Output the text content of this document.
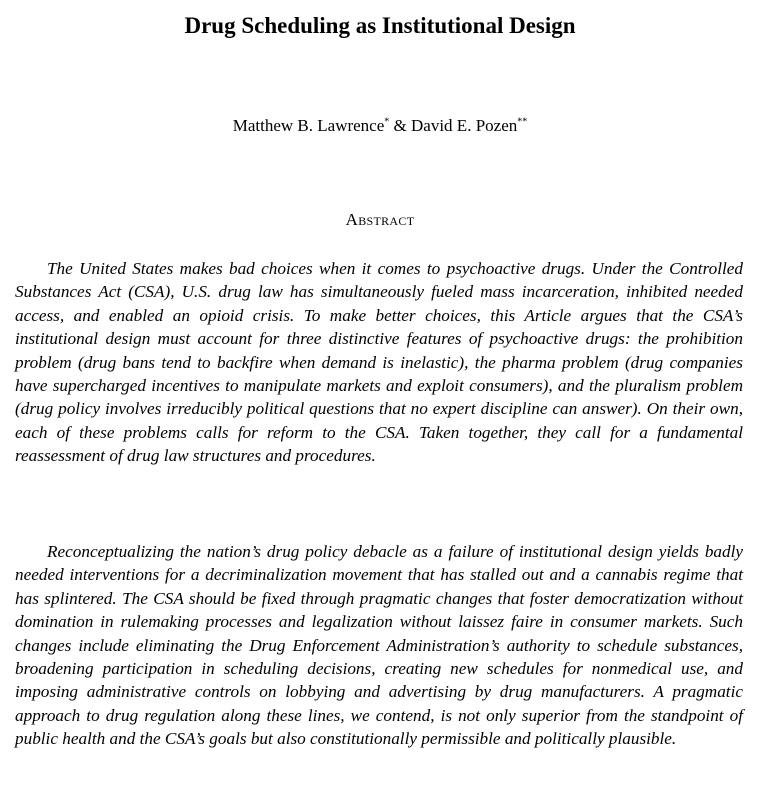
Drug Scheduling as Institutional Design
Matthew B. Lawrence* & David E. Pozen**
Abstract

The United States makes bad choices when it comes to psychoactive drugs. Under the Controlled Substances Act (CSA), U.S. drug law has simultaneously fueled mass incarceration, inhibited needed access, and enabled an opioid crisis. To make better choices, this Article argues that the CSA’s institutional design must account for three distinctive features of psychoactive drugs: the prohibition problem (drug bans tend to backfire when demand is inelastic), the pharma problem (drug companies have supercharged incentives to manipulate markets and exploit consumers), and the pluralism problem (drug policy involves irreducibly political questions that no expert discipline can answer). On their own, each of these problems calls for reform to the CSA. Taken together, they call for a fundamental reassessment of drug law structures and procedures.

Reconceptualizing the nation’s drug policy debacle as a failure of institutional design yields badly needed interventions for a decriminalization movement that has stalled out and a cannabis regime that has splintered. The CSA should be fixed through pragmatic changes that foster democratization without domination in rulemaking processes and legalization without laissez faire in consumer markets. Such changes include eliminating the Drug Enforcement Administration’s authority to schedule substances, broadening participation in scheduling decisions, creating new schedules for nonmedical use, and imposing administrative controls on lobbying and advertising by drug manufacturers. A pragmatic approach to drug regulation along these lines, we contend, is not only superior from the standpoint of public health and the CSA’s goals but also constitutionally permissible and politically plausible.
